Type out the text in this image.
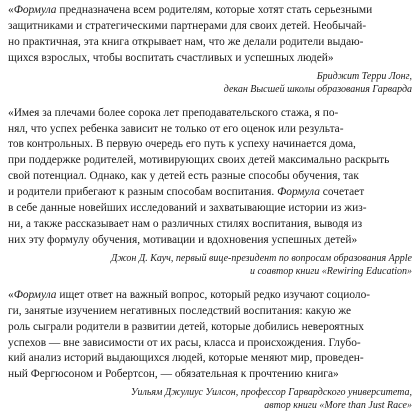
«Формула предназначена всем родителям, которые хотят стать серьезными
защитниками и стратегическими партнерами для своих детей. Необычай-
но практичная, эта книга открывает нам, что же делали родители выдаю-
щихся взрослых, чтобы воспитать счастливых и успешных людей»

Бриджит Терри Лонг,
декан Высшей школы образования Гарварда

«Имея за плечами более сорока лет преподавательского стажа, я по-
нял, что успех ребенка зависит не только от его оценок или результа-
тов контрольных. В первую очередь его путь к успеху начинается дома,
при поддержке родителей, мотивирующих своих детей максимально раскрыть
свой потенциал. Однако, как у детей есть разные способы обучения, так
и родители прибегают к разным способам воспитания. Формула сочетает
в себе данные новейших исследований и захватывающие истории из жиз-
ни, а также рассказывает нам о различных стилях воспитания, выводя из
них эту формулу обучения, мотивации и вдохновения успешных детей»

Джон Д. Кауч, первый вице-президент по вопросам образования Apple
и соавтор книги «Rewiring Education»

«Формула ищет ответ на важный вопрос, который редко изучают социоло-
ги, занятые изучением негативных последствий воспитания: какую же
роль сыграли родители в развитии детей, которые добились невероятных
успехов — вне зависимости от их расы, класса и происхождения. Глубо-
кий анализ историй выдающихся людей, которые меняют мир, проведен-
ный Фергюсоном и Робертсон, — обязательная к прочтению книга»

Уильям Джулиус Уилсон, профессор Гарвардского университета,
автор книги «More than Just Race»
